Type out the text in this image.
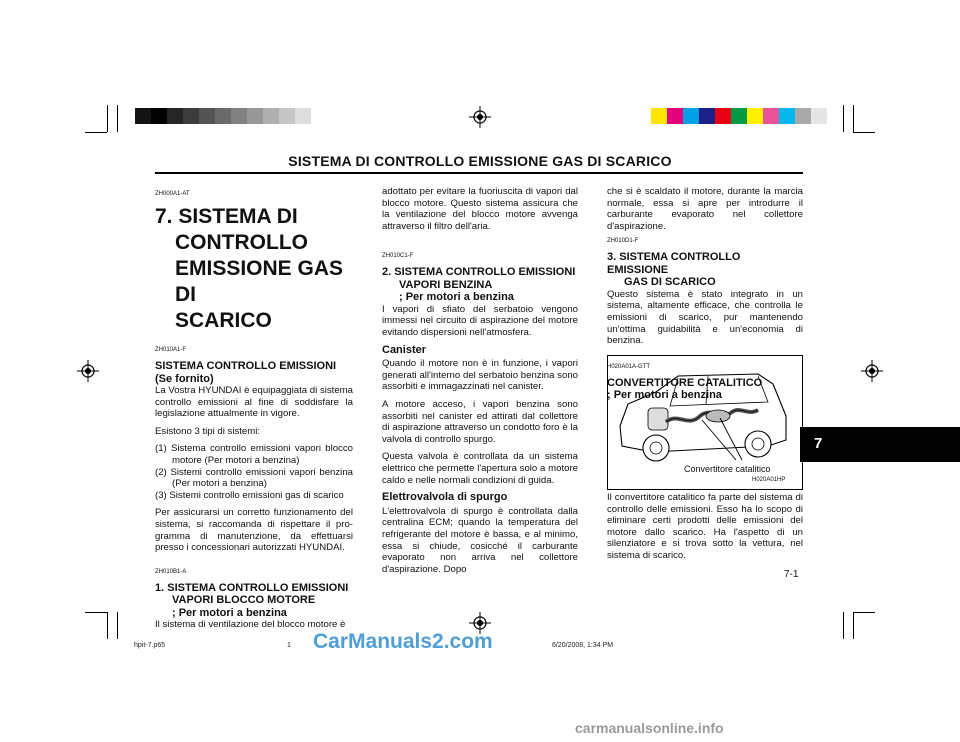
SISTEMA DI CONTROLLO EMISSIONE GAS DI SCARICO

ZH000A1-AT

7. SISTEMA DI
CONTROLLO
EMISSIONE GAS DI
SCARICO

ZH010A1-F

SISTEMA CONTROLLO EMISSIONI
(Se fornito)

La Vostra HYUNDAI è equipaggiata di sistema controllo emissioni al fine di soddisfare la legislazione attualmente in vigore.

Esistono 3 tipi di sistemi:

(1) Sistema controllo emissioni vapori blocco motore (Per motori a benzina)

(2) Sistemi controllo emissioni vapori benzina (Per motori a benzina)

(3) Sistemi controllo emissioni gas di scarico

Per assicurarsi un corretto funzionamento del sistema, si raccomanda di rispettare il pro-gramma di manutenzione, da effettuarsi presso i concessionari autorizzati HYUNDAI.

ZH010B1-A

1. SISTEMA CONTROLLO EMISSIONI
VAPORI BLOCCO MOTORE
; Per motori a benzina

Il sistema di ventilazione del blocco motore è

adottato per evitare la fuoriuscita di vapori dal blocco motore. Questo sistema assicura che la ventilazione del blocco motore avvenga attraverso il filtro dell'aria.

ZH010C1-F

2. SISTEMA CONTROLLO EMISSIONI
VAPORI BENZINA
; Per motori a benzina

I vapori di sfiato del serbatoio vengono immessi nel circuito di aspirazione del motore evitando dispersioni nell'atmosfera.

Canister

Quando il motore non è in funzione, i vapori generati all'interno del serbatoio benzina sono assorbiti e immagazzinati nel canister.

A motore acceso, i vapori benzina sono assorbiti nel canister ed attirati dal collettore di aspirazione attraverso un condotto foro è la valvola di controllo spurgo.

Questa valvola è controllata da un sistema elettrico che permette l'apertura solo a motore caldo e nelle normali condizioni di guida.

Elettrovalvola di spurgo

L'elettrovalvola di spurgo è controllata dalla centralina ECM; quando la temperatura del refrigerante del motore è bassa, e al minimo, essa si chiude, cosicché il carburante evaporato non arriva nel collettore d'aspirazione. Dopo

che si è scaldato il motore, durante la marcia normale, essa si apre per introdurre il carburante evaporato nel collettore d'aspirazione.

ZH010D1-F

3. SISTEMA CONTROLLO EMISSIONE
GAS DI SCARICO

Questo sistema è stato integrato in un sistema, altamente efficace, che controlla le emissioni di scarico, pur mantenendo un'ottima guidabilità e un'economia di benzina.

H020A01A-GTT

CONVERTITORE CATALITICO
; Per motori a benzina
Convertitore catalitico
H020A01HP

Il convertitore catalitico fa parte del sistema di controllo delle emissioni. Esso ha lo scopo di eliminare certi prodotti delle emissioni del motore dallo scarico. Ha l'aspetto di un silenziatore e si trova sotto la vettura, nel sistema di scarico.

7
7-1
hpit-7.p65	1	6/20/2008, 1:34 PM
CarManuals2.com
carmanualsonline.info
